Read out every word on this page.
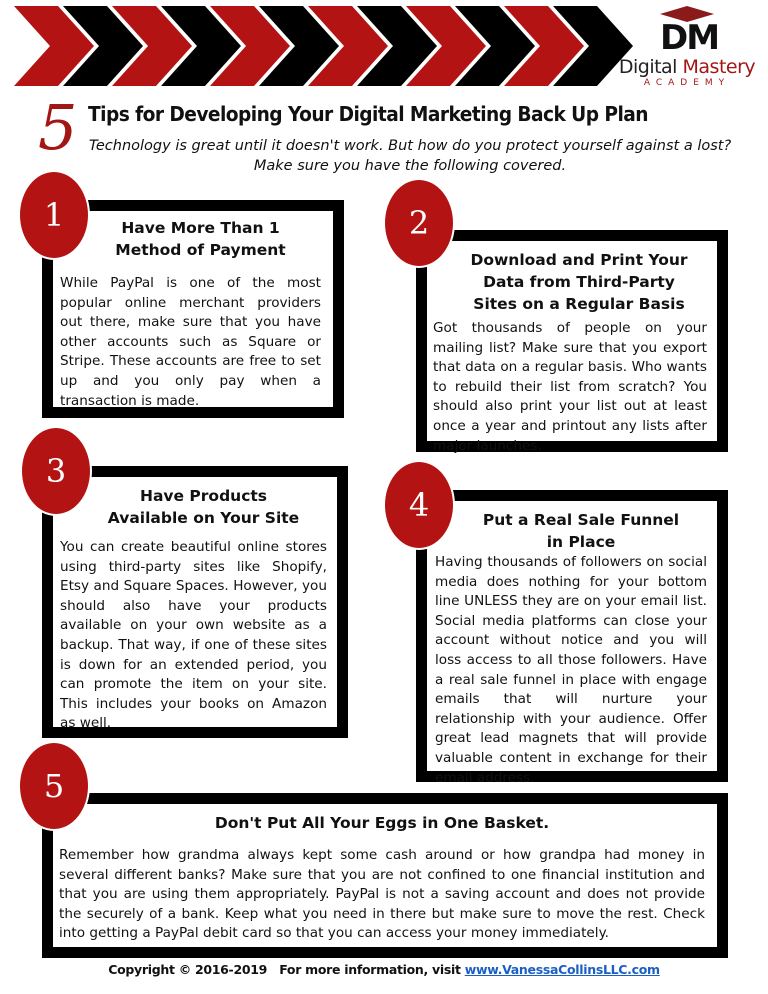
DM
Digital Mastery
ACADEMY
5 Tips for Developing Your Digital Marketing Back Up Plan
Technology is great until it doesn't work. But how do you protect yourself against a lost? Make sure you have the following covered.
Have More Than 1 Method of Payment
While PayPal is one of the most popular online merchant providers out there, make sure that you have other accounts such as Square or Stripe. These accounts are free to set up and you only pay when a transaction is made.
1
Download and Print Your Data from Third-Party Sites on a Regular Basis
Got thousands of people on your mailing list? Make sure that you export that data on a regular basis. Who wants to rebuild their list from scratch? You should also print your list out at least once a year and printout any lists after major launches.
2
Have Products Available on Your Site
You can create beautiful online stores using third-party sites like Shopify, Etsy and Square Spaces. However, you should also have your products available on your own website as a backup. That way, if one of these sites is down for an extended period, you can promote the item on your site. This includes your books on Amazon as well.
3
Put a Real Sale Funnel in Place
Having thousands of followers on social media does nothing for your bottom line UNLESS they are on your email list. Social media platforms can close your account without notice and you will loss access to all those followers. Have a real sale funnel in place with engage emails that will nurture your relationship with your audience. Offer great lead magnets that will provide valuable content in exchange for their email address.
4
Don't Put All Your Eggs in One Basket.
Remember how grandma always kept some cash around or how grandpa had money in several different banks? Make sure that you are not confined to one financial institution and that you are using them appropriately. PayPal is not a saving account and does not provide the securely of a bank. Keep what you need in there but make sure to move the rest. Check into getting a PayPal debit card so that you can access your money immediately.
5
Copyright © 2016-2019   For more information, visit www.VanessaCollinsLLC.com
